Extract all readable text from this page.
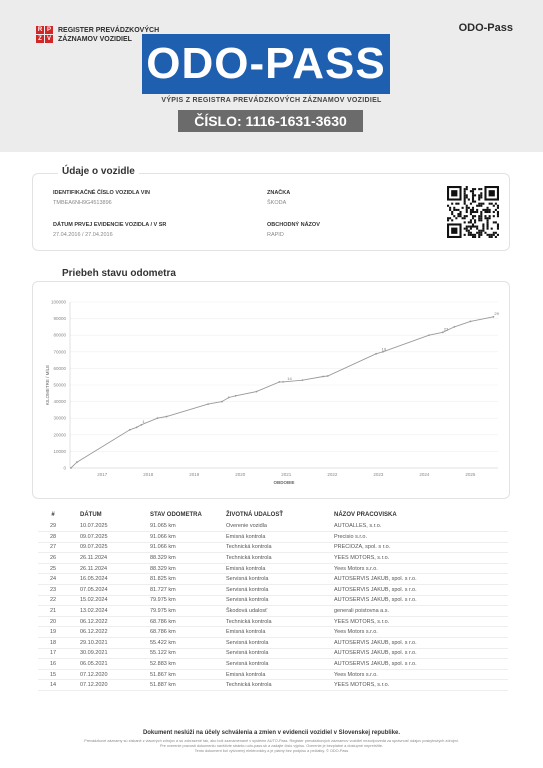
R P
Z V
REGISTER PREVÁDZKOVÝCH
ZÁZNAMOV VOZIDIEL
ODO-Pass
ODO-PASS
VÝPIS Z REGISTRA PREVÁDZKOVÝCH ZÁZNAMOV VOZIDIEL
ČÍSLO: 1116-1631-3630
Údaje o vozidle
IDENTIFIKAČNÉ ČÍSLO VOZIDLA VIN
TMBEA6NH9G4513896
ZNAČKA
ŠKODA
DÁTUM PRVEJ EVIDENCIE VOZIDLA / V SR
27.04.2016 / 27.04.2016
OBCHODNÝ NÁZOV
RAPID
Priebeh stavu odometra
0
10000
20000
30000
40000
50000
60000
70000
80000
90000
100000
2017	2018	2019	2020	2021	2022	2023	2024	2025
OBDOBIE
KILOMETRE / MÍLE
1
14
19
23
29
#	DÁTUM	STAV ODOMETRA	ŽIVOTNÁ UDALOSŤ	NÁZOV PRACOVISKA
29	10.07.2025	91.065 km	Overenie vozidla	AUTOALLES, s.r.o.
28	09.07.2025	91.066 km	Emisná kontrola	Precisio s.r.o.
27	09.07.2025	91.066 km	Technická kontrola	PRECIOZA, spol. s r.o.
26	26.11.2024	88.329 km	Technická kontrola	YEES MOTORS, s.r.o.
25	26.11.2024	88.329 km	Emisná kontrola	Yees Motors s.r.o.
24	16.05.2024	81.825 km	Servisná kontrola	AUTOSERVIS JAKUB, spol. s r.o.
23	07.05.2024	81.727 km	Servisná kontrola	AUTOSERVIS JAKUB, spol. s r.o.
22	15.02.2024	79.975 km	Servisná kontrola	AUTOSERVIS JAKUB, spol. s r.o.
21	13.02.2024	79.975 km	Škodová udalosť	generali poistovna a.s.
20	06.12.2022	68.786 km	Technická kontrola	YEES MOTORS, s.r.o.
19	06.12.2022	68.786 km	Emisná kontrola	Yees Motors s.r.o.
18	29.10.2021	55.422 km	Servisná kontrola	AUTOSERVIS JAKUB, spol. s r.o.
17	30.09.2021	55.122 km	Servisná kontrola	AUTOSERVIS JAKUB, spol. s r.o.
16	06.05.2021	52.883 km	Servisná kontrola	AUTOSERVIS JAKUB, spol. s r.o.
15	07.12.2020	51.867 km	Emisná kontrola	Yees Motors s.r.o.
14	07.12.2020	51.887 km	Technická kontrola	YEES MOTORS, s.r.o.
Dokument neslúži na účely schválenia a zmien v evidencii vozidiel v Slovenskej republike.
Prevádzkové záznamy sú získané z viacerých zdrojov a sú zobrazené tak, ako boli zaznamenané v systéme AUTO-Pass. Register prevádzkových záznamov vozidiel nezodpovedá za správnosť údajov poskytnutých zdrojmi.
Pre overenie pravosti dokumentu navštívte stránku odo-pass.sk a zadajte číslo výpisu. Overenie je bezplatné a dostupné nepretržite.
Tento dokument bol vytvorený elektronicky a je platný bez podpisu a pečiatky. © ODO-Pass
